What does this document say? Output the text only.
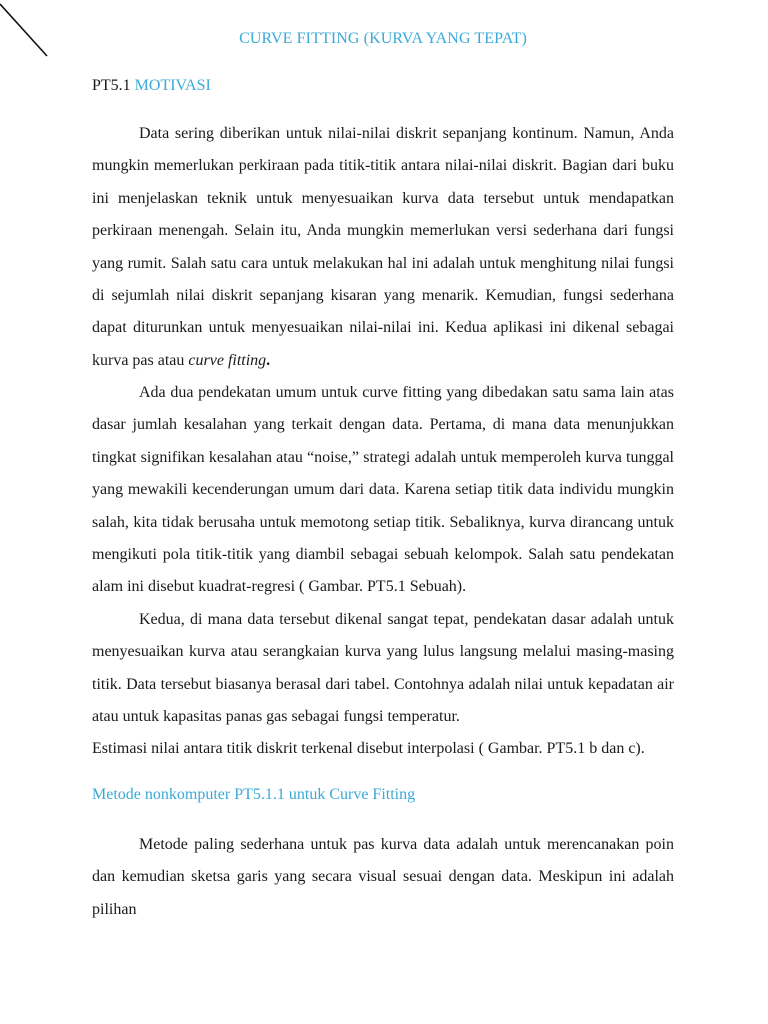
CURVE FITTING (KURVA YANG TEPAT)
PT5.1 MOTIVASI

Data sering diberikan untuk nilai-nilai diskrit sepanjang kontinum. Namun, Anda mungkin memerlukan perkiraan pada titik-titik antara nilai-nilai diskrit. Bagian dari buku ini menjelaskan teknik untuk menyesuaikan kurva data tersebut untuk mendapatkan perkiraan menengah. Selain itu, Anda mungkin memerlukan versi sederhana dari fungsi yang rumit. Salah satu cara untuk melakukan hal ini adalah untuk menghitung nilai fungsi di sejumlah nilai diskrit sepanjang kisaran yang menarik. Kemudian, fungsi sederhana dapat diturunkan untuk menyesuaikan nilai-nilai ini. Kedua aplikasi ini dikenal sebagai kurva pas atau curve fitting.

Ada dua pendekatan umum untuk curve fitting yang dibedakan satu sama lain atas dasar jumlah kesalahan yang terkait dengan data. Pertama, di mana data menunjukkan tingkat signifikan kesalahan atau “noise,” strategi adalah untuk memperoleh kurva tunggal yang mewakili kecenderungan umum dari data. Karena setiap titik data individu mungkin salah, kita tidak berusaha untuk memotong setiap titik. Sebaliknya, kurva dirancang untuk mengikuti pola titik-titik yang diambil sebagai sebuah kelompok. Salah satu pendekatan alam ini disebut kuadrat-regresi ( Gambar. PT5.1 Sebuah).

Kedua, di mana data tersebut dikenal sangat tepat, pendekatan dasar adalah untuk menyesuaikan kurva atau serangkaian kurva yang lulus langsung melalui masing-masing titik. Data tersebut biasanya berasal dari tabel. Contohnya adalah nilai untuk kepadatan air atau untuk kapasitas panas gas sebagai fungsi temperatur.

Estimasi nilai antara titik diskrit terkenal disebut interpolasi ( Gambar. PT5.1 b dan c).

Metode nonkomputer PT5.1.1 untuk Curve Fitting

Metode paling sederhana untuk pas kurva data adalah untuk merencanakan poin dan kemudian sketsa garis yang secara visual sesuai dengan data. Meskipun ini adalah pilihan
